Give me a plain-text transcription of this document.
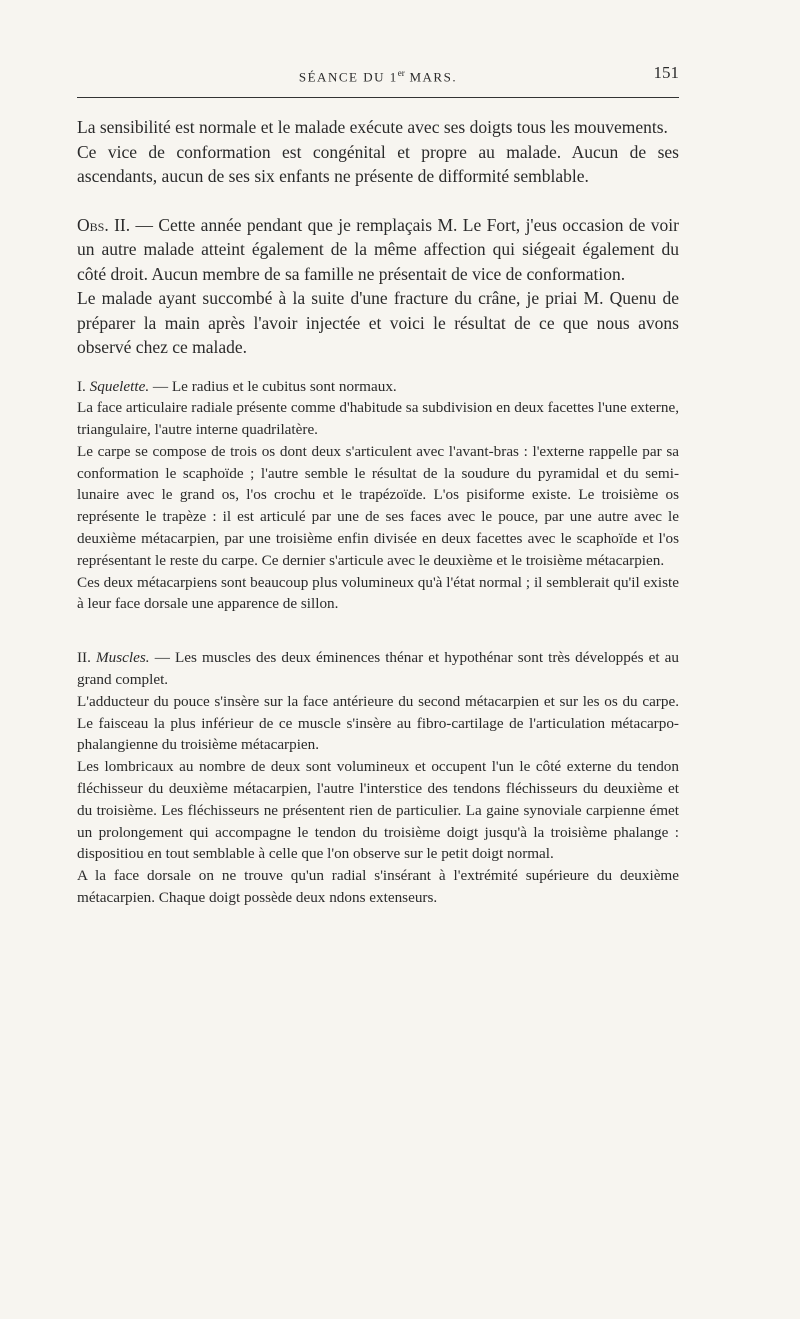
SÉANCE DU 1er MARS.	151

La sensibilité est normale et le malade exécute avec ses doigts tous les mouvements.

Ce vice de conformation est congénital et propre au malade. Aucun de ses ascendants, aucun de ses six enfants ne présente de difformité semblable.

Obs. II. — Cette année pendant que je remplaçais M. Le Fort, j'eus occasion de voir un autre malade atteint également de la même affection qui siégeait également du côté droit. Aucun membre de sa famille ne présentait de vice de conformation.

Le malade ayant succombé à la suite d'une fracture du crâne, je priai M. Quenu de préparer la main après l'avoir injectée et voici le résultat de ce que nous avons observé chez ce malade.

I. Squelette. — Le radius et le cubitus sont normaux.

La face articulaire radiale présente comme d'habitude sa subdivision en deux facettes l'une externe, triangulaire, l'autre interne quadrilatère.

Le carpe se compose de trois os dont deux s'articulent avec l'avant-bras : l'externe rappelle par sa conformation le scaphoïde ; l'autre semble le résultat de la soudure du pyramidal et du semi-lunaire avec le grand os, l'os crochu et le trapézoïde. L'os pisiforme existe. Le troisième os représente le trapèze : il est articulé par une de ses faces avec le pouce, par une autre avec le deuxième métacarpien, par une troisième enfin divisée en deux facettes avec le scaphoïde et l'os représentant le reste du carpe. Ce dernier s'articule avec le deuxième et le troisième métacarpien.

Ces deux métacarpiens sont beaucoup plus volumineux qu'à l'état normal ; il semblerait qu'il existe à leur face dorsale une apparence de sillon.

II. Muscles. — Les muscles des deux éminences thénar et hypothénar sont très développés et au grand complet.

L'adducteur du pouce s'insère sur la face antérieure du second métacarpien et sur les os du carpe. Le faisceau la plus inférieur de ce muscle s'insère au fibro-cartilage de l'articulation métacarpo-phalangienne du troisième métacarpien.

Les lombricaux au nombre de deux sont volumineux et occupent l'un le côté externe du tendon fléchisseur du deuxième métacarpien, l'autre l'interstice des tendons fléchisseurs du deuxième et du troisième. Les fléchisseurs ne présentent rien de particulier. La gaine synoviale carpienne émet un prolongement qui accompagne le tendon du troisième doigt jusqu'à la troisième phalange : dispositiou en tout semblable à celle que l'on observe sur le petit doigt normal.

A la face dorsale on ne trouve qu'un radial s'insérant à l'extrémité supérieure du deuxième métacarpien. Chaque doigt possède deux ndons extenseurs.
